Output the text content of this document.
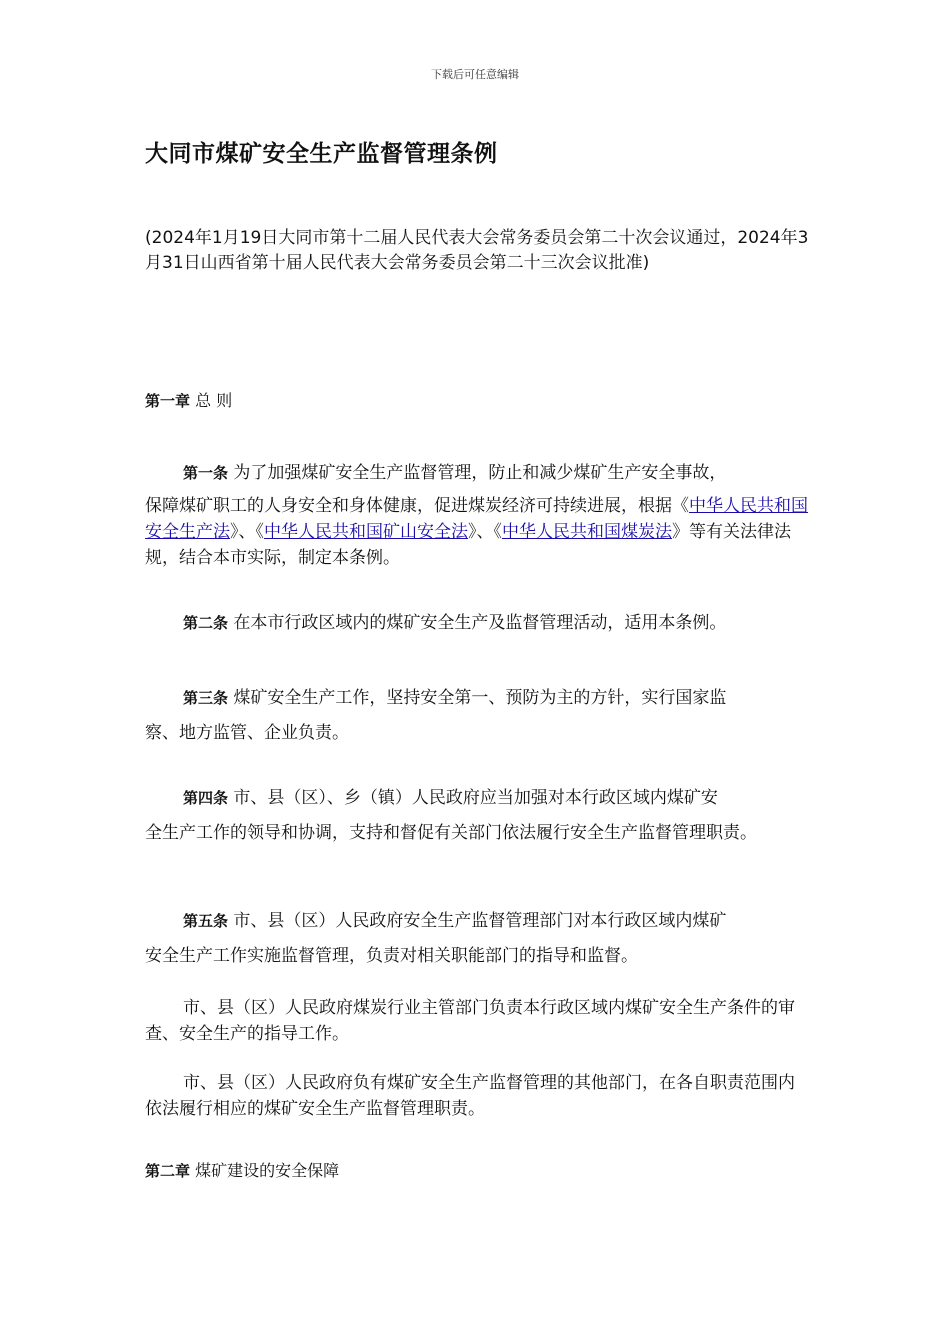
下载后可任意编辑
大同市煤矿安全生产监督管理条例

(2024年1月19日大同市第十二届人民代表大会常务委员会第二十次会议通过，2024年3月31日山西省第十届人民代表大会常务委员会第二十三次会议批准)

第一章 总 则

第一条 为了加强煤矿安全生产监督管理，防止和减少煤矿生产安全事故，
保障煤矿职工的人身安全和身体健康，促进煤炭经济可持续进展，根据《中华人民共和国安全生产法》、《中华人民共和国矿山安全法》、《中华人民共和国煤炭法》等有关法律法规，结合本市实际，制定本条例。
第二条 在本市行政区域内的煤矿安全生产及监督管理活动，适用本条例。
第三条 煤矿安全生产工作，坚持安全第一、预防为主的方针，实行国家监
察、地方监管、企业负责。
第四条 市、县（区）、乡（镇）人民政府应当加强对本行政区域内煤矿安
全生产工作的领导和协调，支持和督促有关部门依法履行安全生产监督管理职责。
第五条 市、县（区）人民政府安全生产监督管理部门对本行政区域内煤矿
安全生产工作实施监督管理，负责对相关职能部门的指导和监督。

市、县（区）人民政府煤炭行业主管部门负责本行政区域内煤矿安全生产条件的审查、安全生产的指导工作。

市、县（区）人民政府负有煤矿安全生产监督管理的其他部门，在各自职责范围内依法履行相应的煤矿安全生产监督管理职责。

第二章 煤矿建设的安全保障
